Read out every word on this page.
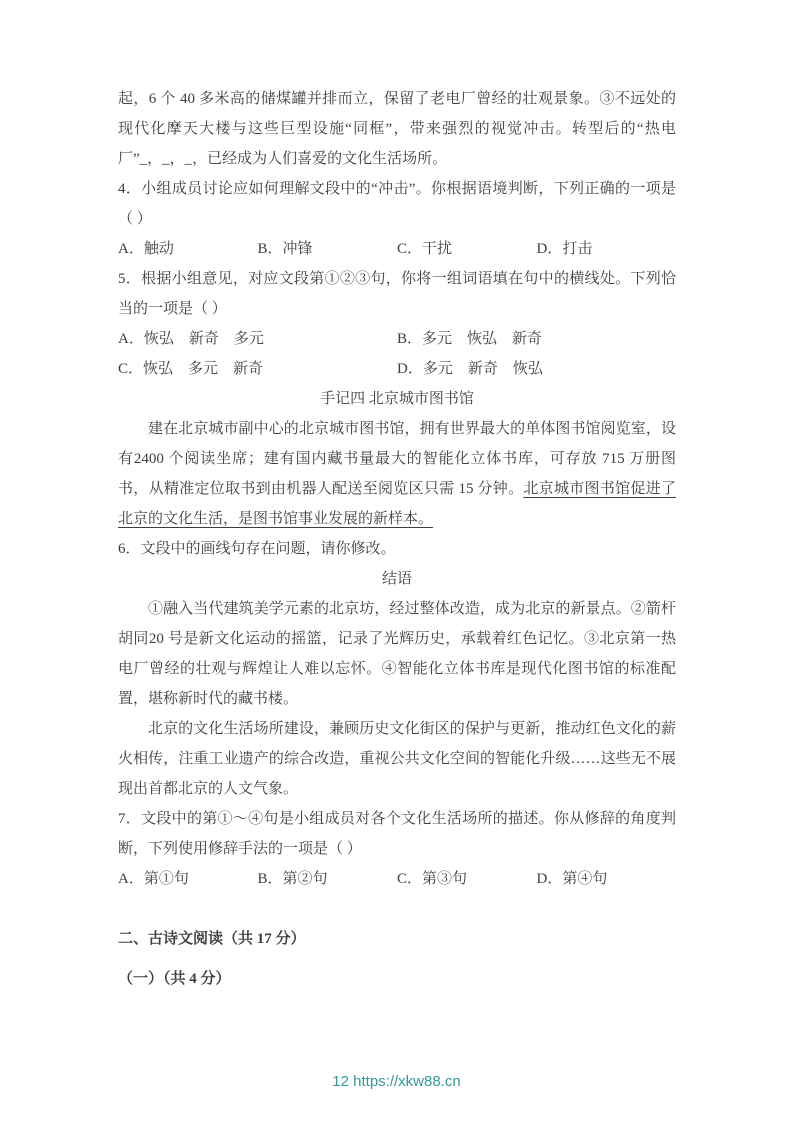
起，6 个 40 多米高的储煤罐并排而立，保留了老电厂曾经的壮观景象。③不远处的现代化摩天大楼与这些巨型设施“同框”，带来强烈的视觉冲击。转型后的“热电厂”_，_，_，已经成为人们喜爱的文化生活场所。

4．小组成员讨论应如何理解文段中的“冲击”。你根据语境判断，下列正确的一项是（ ）

A．触动	B．冲锋	C．干扰	D．打击

5．根据小组意见，对应文段第①②③句，你将一组词语填在句中的横线处。下列恰当的一项是（ ）

A．恢弘　新奇　多元	B．多元　恢弘　新奇
C．恢弘　多元　新奇	D．多元　新奇　恢弘

手记四 北京城市图书馆

建在北京城市副中心的北京城市图书馆，拥有世界最大的单体图书馆阅览室，设有2400 个阅读坐席；建有国内藏书量最大的智能化立体书库，可存放 715 万册图书，从精准定位取书到由机器人配送至阅览区只需 15 分钟。北京城市图书馆促进了北京的文化生活，是图书馆事业发展的新样本。

6．文段中的画线句存在问题，请你修改。

结语

①融入当代建筑美学元素的北京坊，经过整体改造，成为北京的新景点。②箭杆胡同20 号是新文化运动的摇篮，记录了光辉历史，承载着红色记忆。③北京第一热电厂曾经的壮观与辉煌让人难以忘怀。④智能化立体书库是现代化图书馆的标准配置，堪称新时代的藏书楼。

北京的文化生活场所建设，兼顾历史文化街区的保护与更新，推动红色文化的薪火相传，注重工业遗产的综合改造，重视公共文化空间的智能化升级……这些无不展现出首都北京的人文气象。

7．文段中的第①～④句是小组成员对各个文化生活场所的描述。你从修辞的角度判断，下列使用修辞手法的一项是（ ）

A．第①句	B．第②句	C．第③句	D．第④句

二、古诗文阅读（共 17 分）

（一）（共 4 分）

12 https://xkw88.cn
